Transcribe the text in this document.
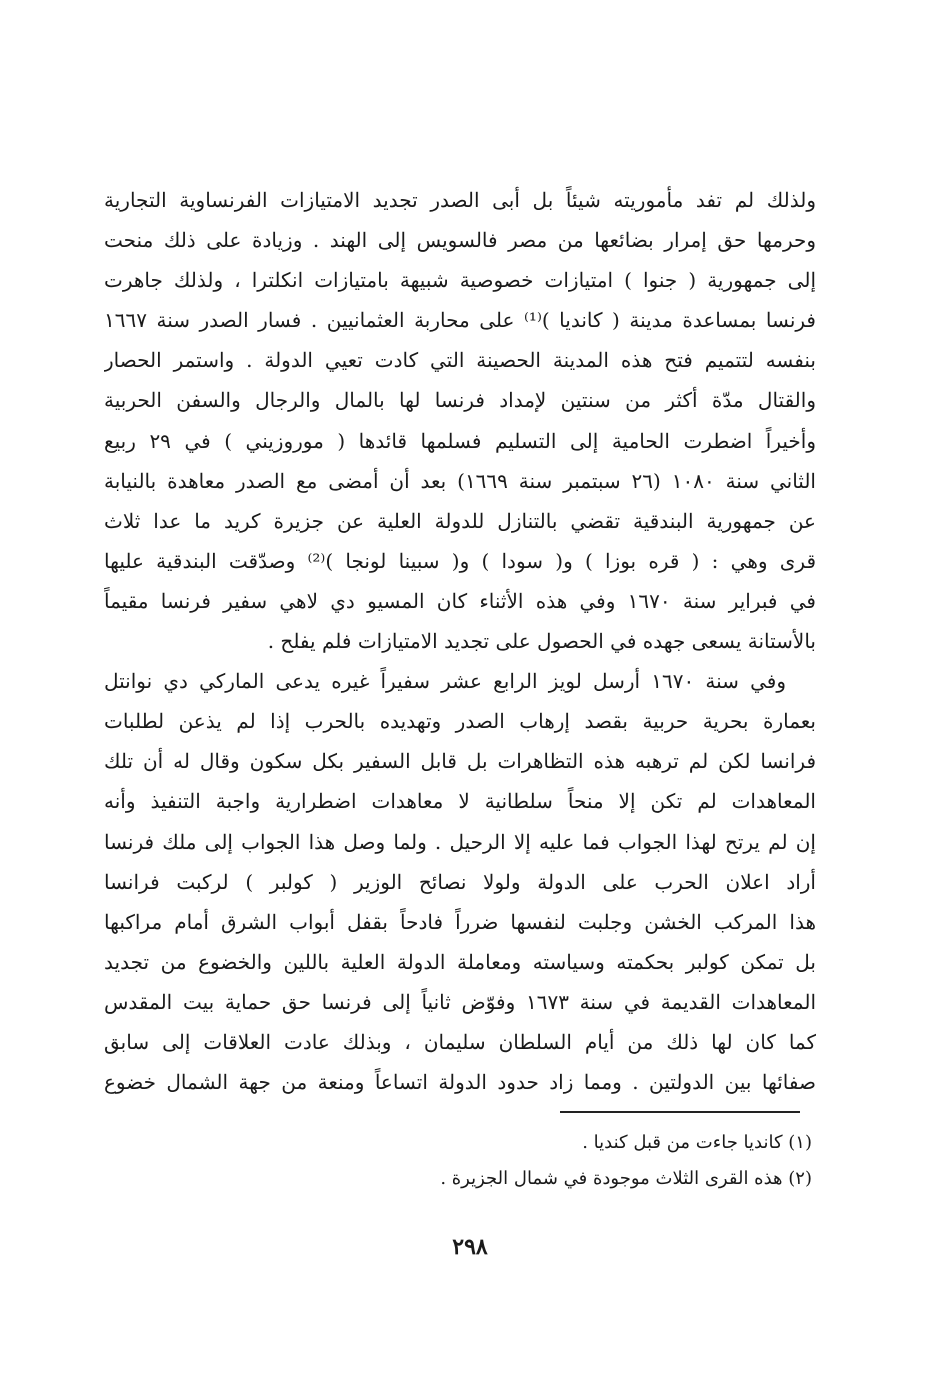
ولذلك لم تفد مأموريته شيئاً بل أبى الصدر تجديد الامتيازات الفرنساوية التجارية
وحرمها حق إمرار بضائعها من مصر فالسويس إلى الهند . وزيادة على ذلك منحت
إلى جمهورية ( جنوا ) امتيازات خصوصية شبيهة بامتيازات انكلترا ، ولذلك جاهرت
فرنسا بمساعدة مدينة ( كانديا )⁽¹⁾ على محاربة العثمانيين . فسار الصدر سنة ١٦٦٧
بنفسه لتتميم فتح هذه المدينة الحصينة التي كادت تعيي الدولة . واستمر الحصار
والقتال مدّة أكثر من سنتين لإمداد فرنسا لها بالمال والرجال والسفن الحربية
وأخيراً اضطرت الحامية إلى التسليم فسلمها قائدها ( موروزيني ) في ٢٩ ربيع
الثاني سنة ١٠٨٠ (٢٦ سبتمبر سنة ١٦٦٩) بعد أن أمضى مع الصدر معاهدة بالنيابة
عن جمهورية البندقية تقضي بالتنازل للدولة العلية عن جزيرة كريد ما عدا ثلاث
قرى وهي : ( قره بوزا ) و( سودا ) و( سبينا لونجا )⁽²⁾ وصدّقت البندقية عليها
في فبراير سنة ١٦٧٠ وفي هذه الأثناء كان المسيو دي لاهي سفير فرنسا مقيماً
بالأستانة يسعى جهده في الحصول على تجديد الامتيازات فلم يفلح .
وفي سنة ١٦٧٠ أرسل لويز الرابع عشر سفيراً غيره يدعى الماركي دي نوانتل
بعمارة بحرية حربية بقصد إرهاب الصدر وتهديده بالحرب إذا لم يذعن لطلبات
فرانسا لكن لم ترهبه هذه التظاهرات بل قابل السفير بكل سكون وقال له أن تلك
المعاهدات لم تكن إلا منحاً سلطانية لا معاهدات اضطرارية واجبة التنفيذ وأنه
إن لم يرتح لهذا الجواب فما عليه إلا الرحيل . ولما وصل هذا الجواب إلى ملك فرنسا
أراد اعلان الحرب على الدولة ولولا نصائح الوزير ( كولبر ) لركبت فرانسا
هذا المركب الخشن وجلبت لنفسها ضرراً فادحاً بقفل أبواب الشرق أمام مراكبها
بل تمكن كولبر بحكمته وسياسته ومعاملة الدولة العلية باللين والخضوع من تجديد
المعاهدات القديمة في سنة ١٦٧٣ وفوّض ثانياً إلى فرنسا حق حماية بيت المقدس
كما كان لها ذلك من أيام السلطان سليمان ، وبذلك عادت العلاقات إلى سابق
صفائها بين الدولتين . ومما زاد حدود الدولة اتساعاً ومنعة من جهة الشمال خضوع
(١) كانديا جاءت من قبل كنديا .
(٢) هذه القرى الثلاث موجودة في شمال الجزيرة .
٢٩٨
